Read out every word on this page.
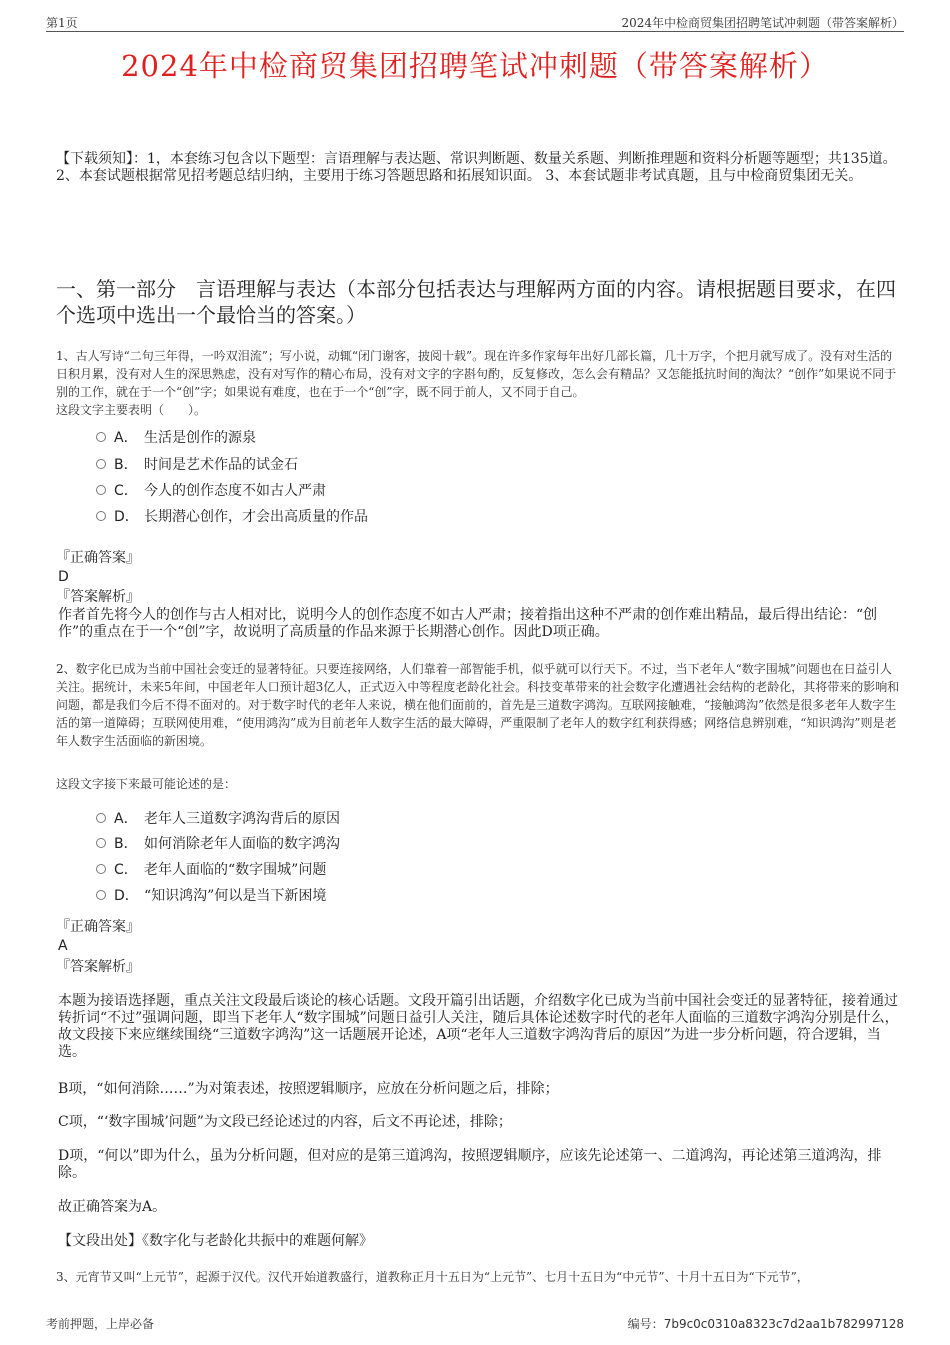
第1页	2024年中检商贸集团招聘笔试冲刺题（带答案解析）
2024年中检商贸集团招聘笔试冲刺题（带答案解析）
【下载须知】：1，本套练习包含以下题型：言语理解与表达题、常识判断题、数量关系题、判断推理题和资料分析题等题型；共135道。 2、本套试题根据常见招考题总结归纳，主要用于练习答题思路和拓展知识面。 3、本套试题非考试真题，且与中检商贸集团无关。
一、第一部分　言语理解与表达（本部分包括表达与理解两方面的内容。请根据题目要求，在四个选项中选出一个最恰当的答案。）
1、古人写诗“二句三年得，一吟双泪流”；写小说，动辄“闭门谢客，披阅十载”。现在许多作家每年出好几部长篇，几十万字，个把月就写成了。没有对生活的日积月累，没有对人生的深思熟虑，没有对写作的精心布局，没有对文字的字斟句酌，反复修改，怎么会有精品？又怎能抵抗时间的淘汰？“创作”如果说不同于别的工作，就在于一个“创”字；如果说有难度，也在于一个“创”字，既不同于前人，又不同于自己。
这段文字主要表明（　　）。
A． 生活是创作的源泉
B． 时间是艺术作品的试金石
C． 今人的创作态度不如古人严肃
D． 长期潜心创作，才会出高质量的作品
『正确答案』
D
『答案解析』
作者首先将今人的创作与古人相对比，说明今人的创作态度不如古人严肃；接着指出这种不严肃的创作难出精品，最后得出结论：“创作”的重点在于一个“创”字，故说明了高质量的作品来源于长期潜心创作。因此D项正确。
2、数字化已成为当前中国社会变迁的显著特征。只要连接网络，人们靠着一部智能手机，似乎就可以行天下。不过，当下老年人“数字围城”问题也在日益引人关注。据统计，未来5年间，中国老年人口预计超3亿人，正式迈入中等程度老龄化社会。科技变革带来的社会数字化遭遇社会结构的老龄化，其将带来的影响和问题，都是我们今后不得不面对的。对于数字时代的老年人来说，横在他们面前的，首先是三道数字鸿沟。互联网接触难，“接触鸿沟”依然是很多老年人数字生活的第一道障碍；互联网使用难，“使用鸿沟”成为目前老年人数字生活的最大障碍，严重限制了老年人的数字红利获得感；网络信息辨别难，“知识鸿沟”则是老年人数字生活面临的新困境。
这段文字接下来最可能论述的是：
A． 老年人三道数字鸿沟背后的原因
B． 如何消除老年人面临的数字鸿沟
C． 老年人面临的“数字围城”问题
D． “知识鸿沟”何以是当下新困境
『正确答案』
A
『答案解析』
本题为接语选择题，重点关注文段最后谈论的核心话题。文段开篇引出话题，介绍数字化已成为当前中国社会变迁的显著特征，接着通过转折词“不过”强调问题，即当下老年人“数字围城”问题日益引人关注，随后具体论述数字时代的老年人面临的三道数字鸿沟分别是什么，故文段接下来应继续围绕“三道数字鸿沟”这一话题展开论述，A项“老年人三道数字鸿沟背后的原因”为进一步分析问题，符合逻辑，当选。
B项，“如何消除……”为对策表述，按照逻辑顺序，应放在分析问题之后，排除；
C项，“‘数字围城’问题”为文段已经论述过的内容，后文不再论述，排除；
D项，“何以”即为什么，虽为分析问题，但对应的是第三道鸿沟，按照逻辑顺序，应该先论述第一、二道鸿沟，再论述第三道鸿沟，排除。
故正确答案为A。
【文段出处】《数字化与老龄化共振中的难题何解》
3、元宵节又叫“上元节”，起源于汉代。汉代开始道教盛行，道教称正月十五日为“上元节”、七月十五日为“中元节”、十月十五日为“下元节”，
考前押题，上岸必备	编号：7b9c0c0310a8323c7d2aa1b782997128
